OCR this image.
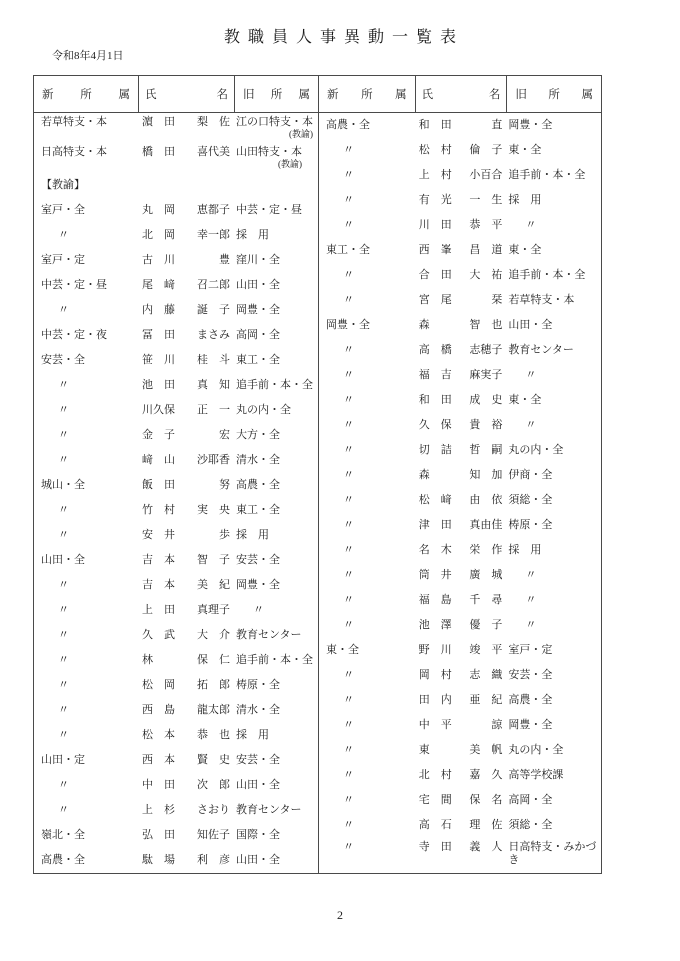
教職員人事異動一覧表
令和8年4月1日
新 所 属 氏	名 旧 所 属
若草特支・本	濵　田 梨　佐 江の口特支・本
(教諭)
日高特支・本	橋　田 喜代美 山田特支・本
(教諭)
【教諭】
室戸・全	丸　岡 恵都子 中芸・定・昼
〃	北　岡 幸一郎 採　用
室戸・定	古　川	豊 窪川・全
中芸・定・昼	尾　﨑 召二郎 山田・全
〃	内　藤 誕　子 岡豊・全
中芸・定・夜	冨　田 まさみ 高岡・全
安芸・全	笹　川 桂　斗 東工・全
〃	池　田 真　知 追手前・本・全
〃	川久保 正　一 丸の内・全
〃	金　子	宏 大方・全
〃	﨑　山 沙耶香 清水・全
城山・全	飯　田	努 高農・全
〃	竹　村 実　央 東工・全
〃	安　井	歩 採　用
山田・全	吉　本 智　子 安芸・全
〃	吉　本 美　紀 岡豊・全
〃	上　田 真理子 〃
〃	久　武 大　介 教育センター
〃	林	保　仁 追手前・本・全
〃	松　岡 拓　郎 梼原・全
〃	西　島 龍太郎 清水・全
〃	松　本 恭　也 採　用
山田・定	西　本 賢　史 安芸・全
〃	中　田 次　郎 山田・全
〃	上　杉 さおり 教育センター
嶺北・全	弘　田 知佐子 国際・全
高農・全	駄　場 利　彦 山田・全
新 所 属 氏	名 旧 所 属
高農・全	和　田	直 岡豊・全
〃	松　村 倫　子 東・全
〃	上　村 小百合 追手前・本・全
〃	有　光 一　生 採　用
〃	川　田 恭　平 〃
東工・全	西　峯 昌　道 東・全
〃	合　田 大　祐 追手前・本・全
〃	宮　尾	栞 若草特支・本
岡豊・全	森	智　也 山田・全
〃	高　橋 志穂子 教育センター
〃	福　吉 麻実子 〃
〃	和　田 成　史 東・全
〃	久　保 貴　裕 〃
〃	切　詰 哲　嗣 丸の内・全
〃	森	知　加 伊商・全
〃	松　﨑 由　依 須総・全
〃	津　田 真由佳 梼原・全
〃	名　木 栄　作 採　用
〃	筒　井 廣　城 〃
〃	福　島 千　尋 〃
〃	池　澤 優　子 〃
東・全	野　川 竣　平 室戸・定
〃	岡　村 志　織 安芸・全
〃	田　内 亜　紀 高農・全
〃	中　平	諒 岡豊・全
〃	東	美　帆 丸の内・全
〃	北　村 嘉　久 高等学校課
〃	宅　間 保　名 高岡・全
〃	高　石 理　佐 須総・全
〃	寺　田 義　人 日高特支・みかづき
2
